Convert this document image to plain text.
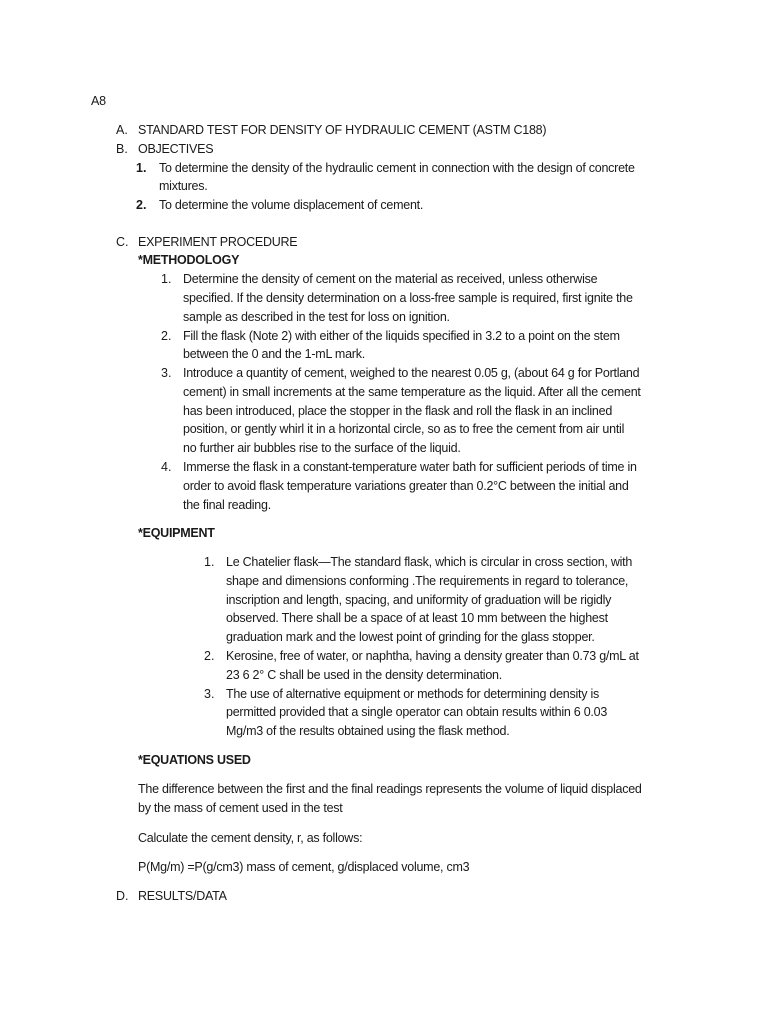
A8
A. STANDARD TEST FOR DENSITY OF HYDRAULIC CEMENT (ASTM C188)
B. OBJECTIVES
1. To determine the density of the hydraulic cement in connection with the design of concrete
mixtures.
2. To determine the volume displacement of cement.
C. EXPERIMENT PROCEDURE
*METHODOLOGY
1. Determine the density of cement on the material as received, unless otherwise
specified. If the density determination on a loss-free sample is required, first ignite the
sample as described in the test for loss on ignition.
2. Fill the flask (Note 2) with either of the liquids specified in 3.2 to a point on the stem
between the 0 and the 1-mL mark.
3. Introduce a quantity of cement, weighed to the nearest 0.05 g, (about 64 g for Portland
cement) in small increments at the same temperature as the liquid. After all the cement
has been introduced, place the stopper in the flask and roll the flask in an inclined
position, or gently whirl it in a horizontal circle, so as to free the cement from air until
no further air bubbles rise to the surface of the liquid.
4. Immerse the flask in a constant-temperature water bath for sufficient periods of time in
order to avoid flask temperature variations greater than 0.2°C between the initial and
the final reading.
*EQUIPMENT
1. Le Chatelier flask—The standard flask, which is circular in cross section, with
shape and dimensions conforming .The requirements in regard to tolerance,
inscription and length, spacing, and uniformity of graduation will be rigidly
observed. There shall be a space of at least 10 mm between the highest
graduation mark and the lowest point of grinding for the glass stopper.
2. Kerosine, free of water, or naphtha, having a density greater than 0.73 g/mL at
23 6 2° C shall be used in the density determination.
3. The use of alternative equipment or methods for determining density is
permitted provided that a single operator can obtain results within 6 0.03
Mg/m3 of the results obtained using the flask method.
*EQUATIONS USED
The difference between the first and the final readings represents the volume of liquid displaced
by the mass of cement used in the test
Calculate the cement density, r, as follows:
P(Mg/m) =P(g/cm3) mass of cement, g/displaced volume, cm3
D. RESULTS/DATA
